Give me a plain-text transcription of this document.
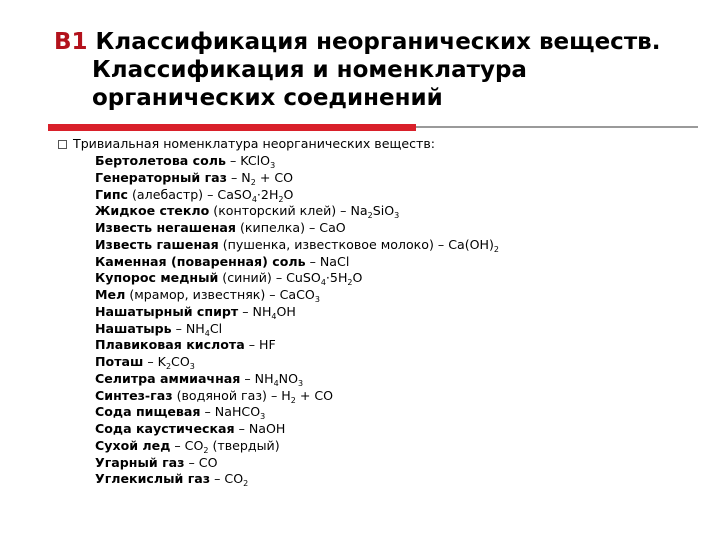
B1 Классификация неорганических веществ.
Классификация и номенклатура
органических соединений
Тривиальная номенклатура неорганических веществ:
Бертолетова соль – KClO$_3$
Генераторный газ – $N_2$ + CO
Гипс (алебастр) – $CaSO_4\cdot 2H_2O$
Жидкое стекло (конторский клей) – $Na_2SiO_3$
Известь негашеная (кипелка) – CaO
Известь гашеная (пушенка, известковое молоко) – $Ca(OH)_2$
Каменная (поваренная) соль – NaCl
Купорос медный (синий) – $CuSO_4\cdot 5H_2O$
Мел (мрамор, известняк) – CaCO$_3$
Нашатырный спирт – $NH_4OH$
Нашатырь – $NH_4Cl$
Плавиковая кислота – HF
Поташ – $K_2CO_3$
Селитра аммиачная – $NH_4NO_3$
Синтез-газ (водяной $газ) - H_2$ + CO
Сода пищевая – NaHCO$_3$
Сода каустическая – NaOH
Сухой лед – $CO_2$ (твердый)
Угарный газ – CO
Углекислый газ – $CO_2$
